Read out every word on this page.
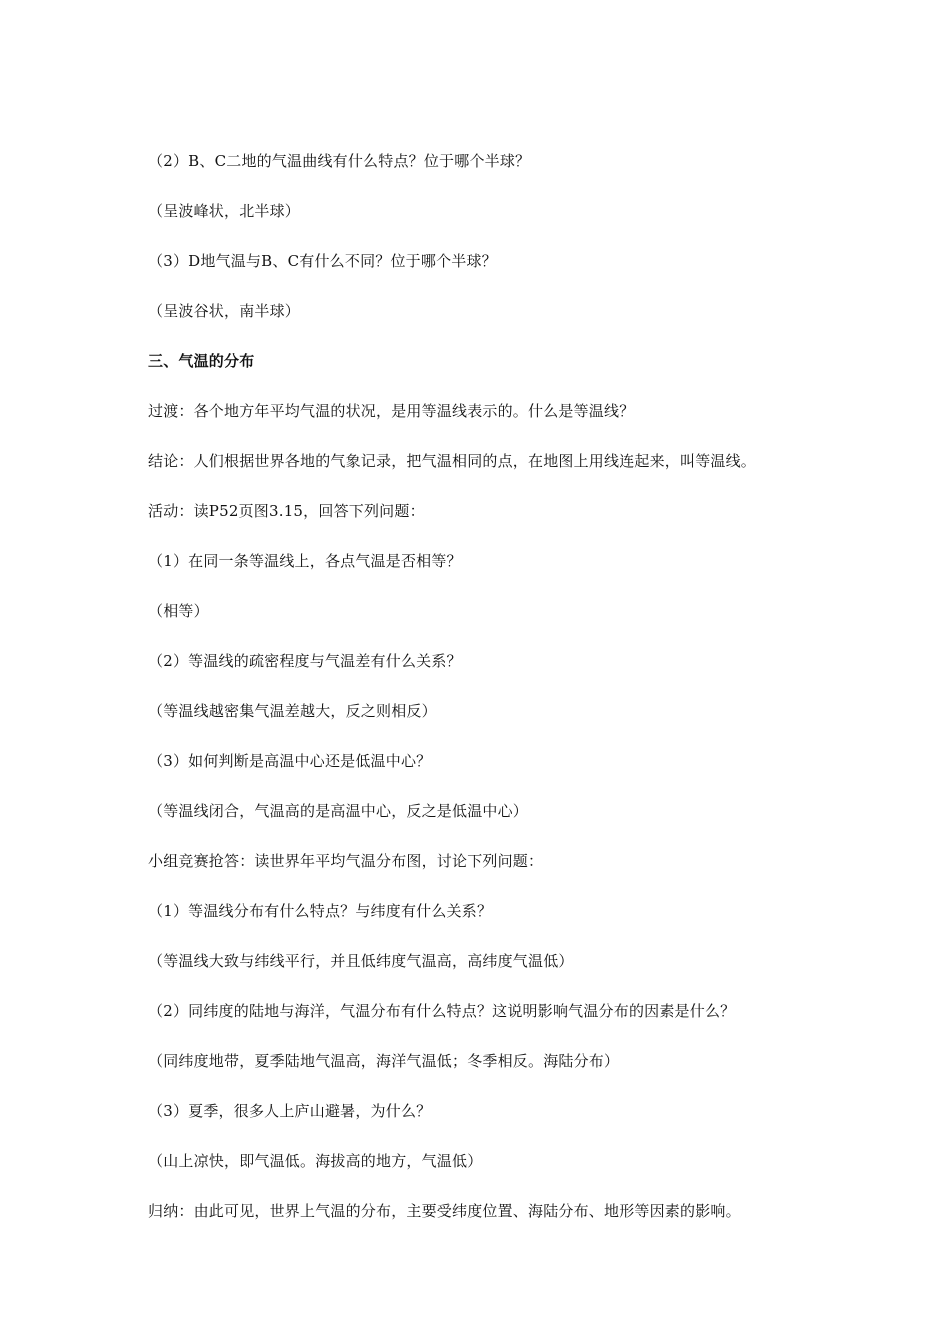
（2）B、C二地的气温曲线有什么特点？位于哪个半球？
（呈波峰状，北半球）
（3）D地气温与B、C有什么不同？位于哪个半球？
（呈波谷状，南半球）
三、气温的分布
过渡：各个地方年平均气温的状况，是用等温线表示的。什么是等温线？
结论：人们根据世界各地的气象记录，把气温相同的点，在地图上用线连起来，叫等温线。
活动：读P52页图3.15，回答下列问题：
（1）在同一条等温线上，各点气温是否相等？
（相等）
（2）等温线的疏密程度与气温差有什么关系？
（等温线越密集气温差越大，反之则相反）
（3）如何判断是高温中心还是低温中心？
（等温线闭合，气温高的是高温中心，反之是低温中心）
小组竞赛抢答：读世界年平均气温分布图，讨论下列问题：
（1）等温线分布有什么特点？与纬度有什么关系？
（等温线大致与纬线平行，并且低纬度气温高，高纬度气温低）
（2）同纬度的陆地与海洋，气温分布有什么特点？这说明影响气温分布的因素是什么？
（同纬度地带，夏季陆地气温高，海洋气温低；冬季相反。海陆分布）
（3）夏季，很多人上庐山避暑，为什么？
（山上凉快，即气温低。海拔高的地方，气温低）
归纳：由此可见，世界上气温的分布，主要受纬度位置、海陆分布、地形等因素的影响。
